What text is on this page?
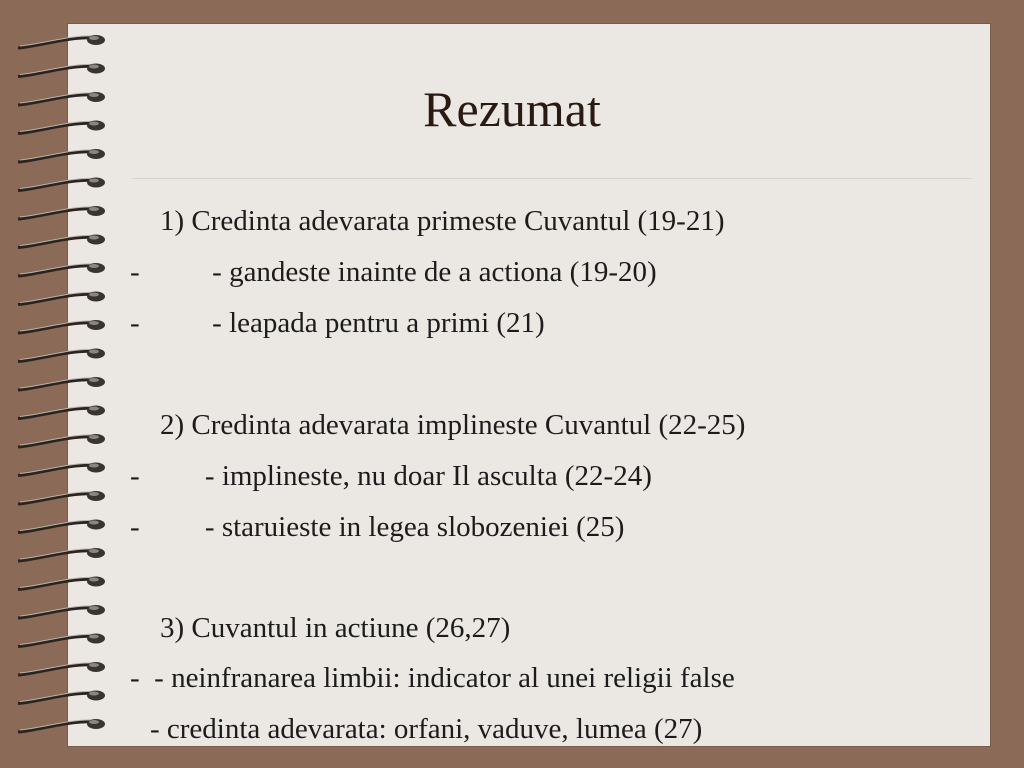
Rezumat
1) Credinta adevarata primeste Cuvantul (19-21)
-          - gandeste inainte de a actiona (19-20)
-          - leapada pentru a primi (21)
2) Credinta adevarata implineste Cuvantul (22-25)
-         - implineste, nu doar Il asculta (22-24)
-         - staruieste in legea slobozeniei (25)
3) Cuvantul in actiune (26,27)
-  - neinfranarea limbii: indicator al unei religii false
- credinta adevarata: orfani, vaduve, lumea (27)
